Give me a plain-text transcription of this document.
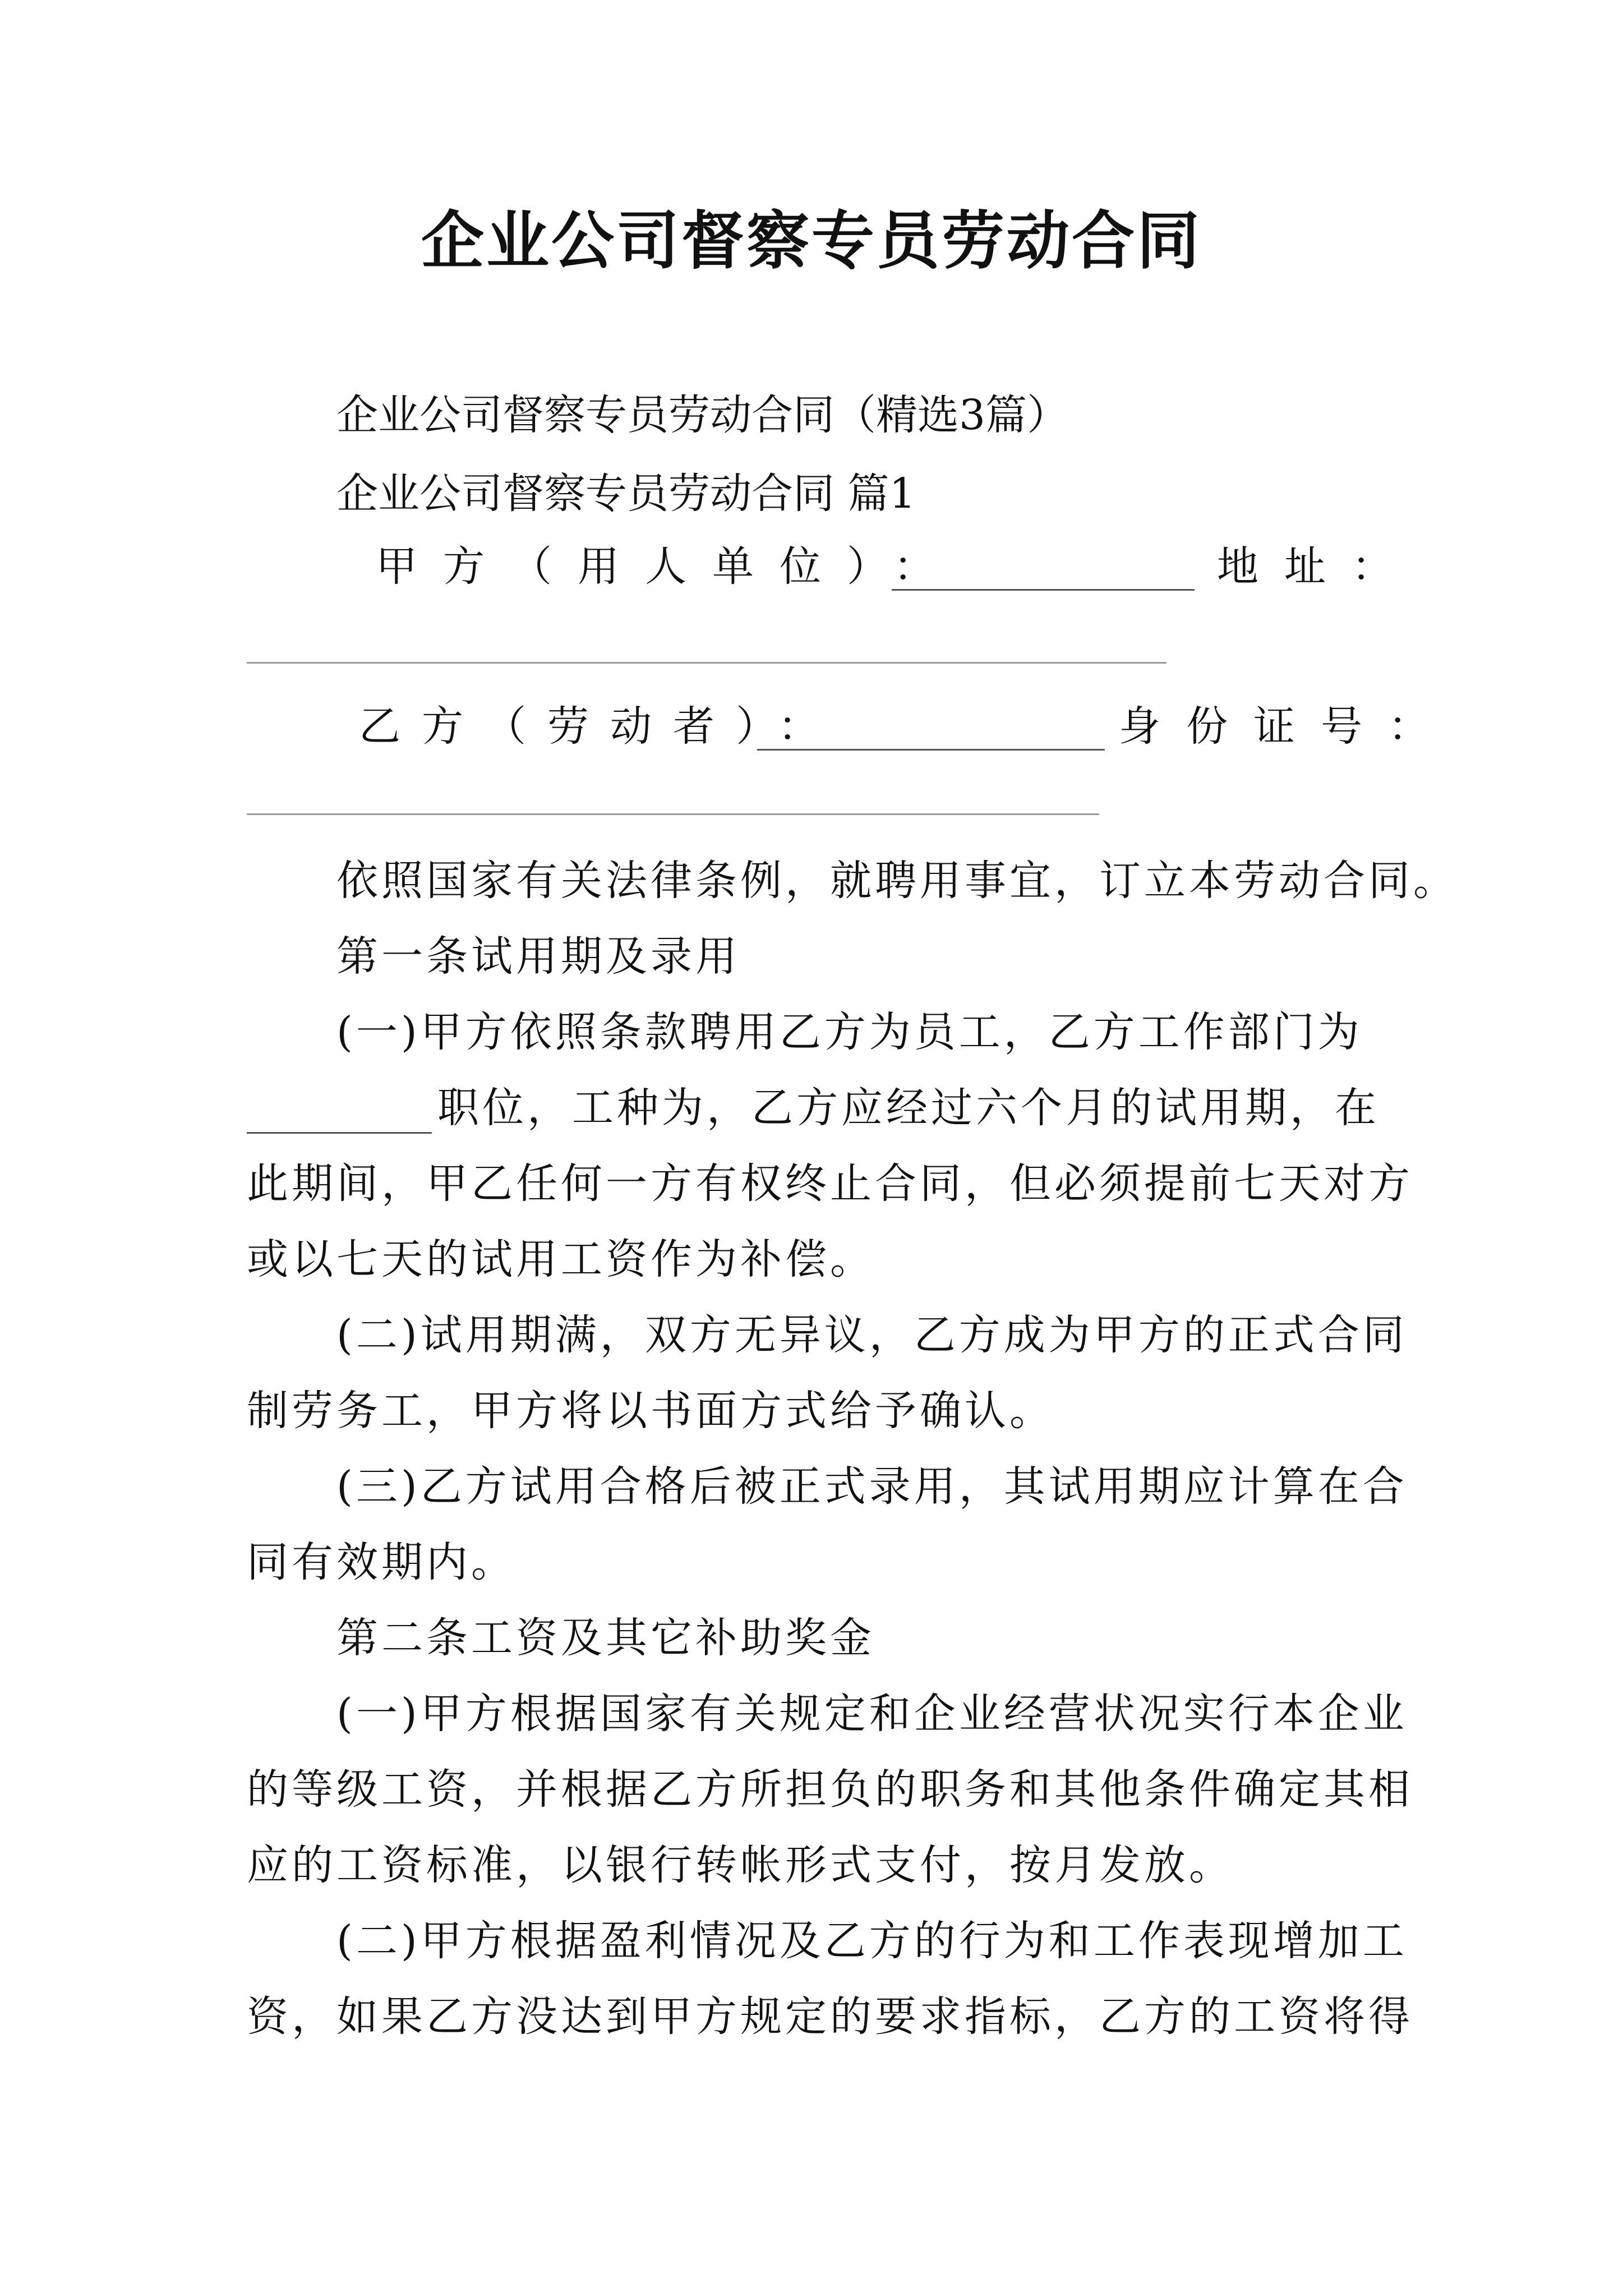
企业公司督察专员劳动合同
企业公司督察专员劳动合同（精选3篇）
企业公司督察专员劳动合同 篇1
甲方（用人单位）：	地址：
乙方（劳动者）：	身份证号：
依照国家有关法律条例，就聘用事宜，订立本劳动合同。
第一条试用期及录用
(一)甲方依照条款聘用乙方为员工，乙方工作部门为
职位，工种为，乙方应经过六个月的试用期，在
此期间，甲乙任何一方有权终止合同，但必须提前七天对方
或以七天的试用工资作为补偿。
(二)试用期满，双方无异议，乙方成为甲方的正式合同
制劳务工，甲方将以书面方式给予确认。
(三)乙方试用合格后被正式录用，其试用期应计算在合
同有效期内。
第二条工资及其它补助奖金
(一)甲方根据国家有关规定和企业经营状况实行本企业
的等级工资，并根据乙方所担负的职务和其他条件确定其相
应的工资标准，以银行转帐形式支付，按月发放。
(二)甲方根据盈利情况及乙方的行为和工作表现增加工
资，如果乙方没达到甲方规定的要求指标，乙方的工资将得
